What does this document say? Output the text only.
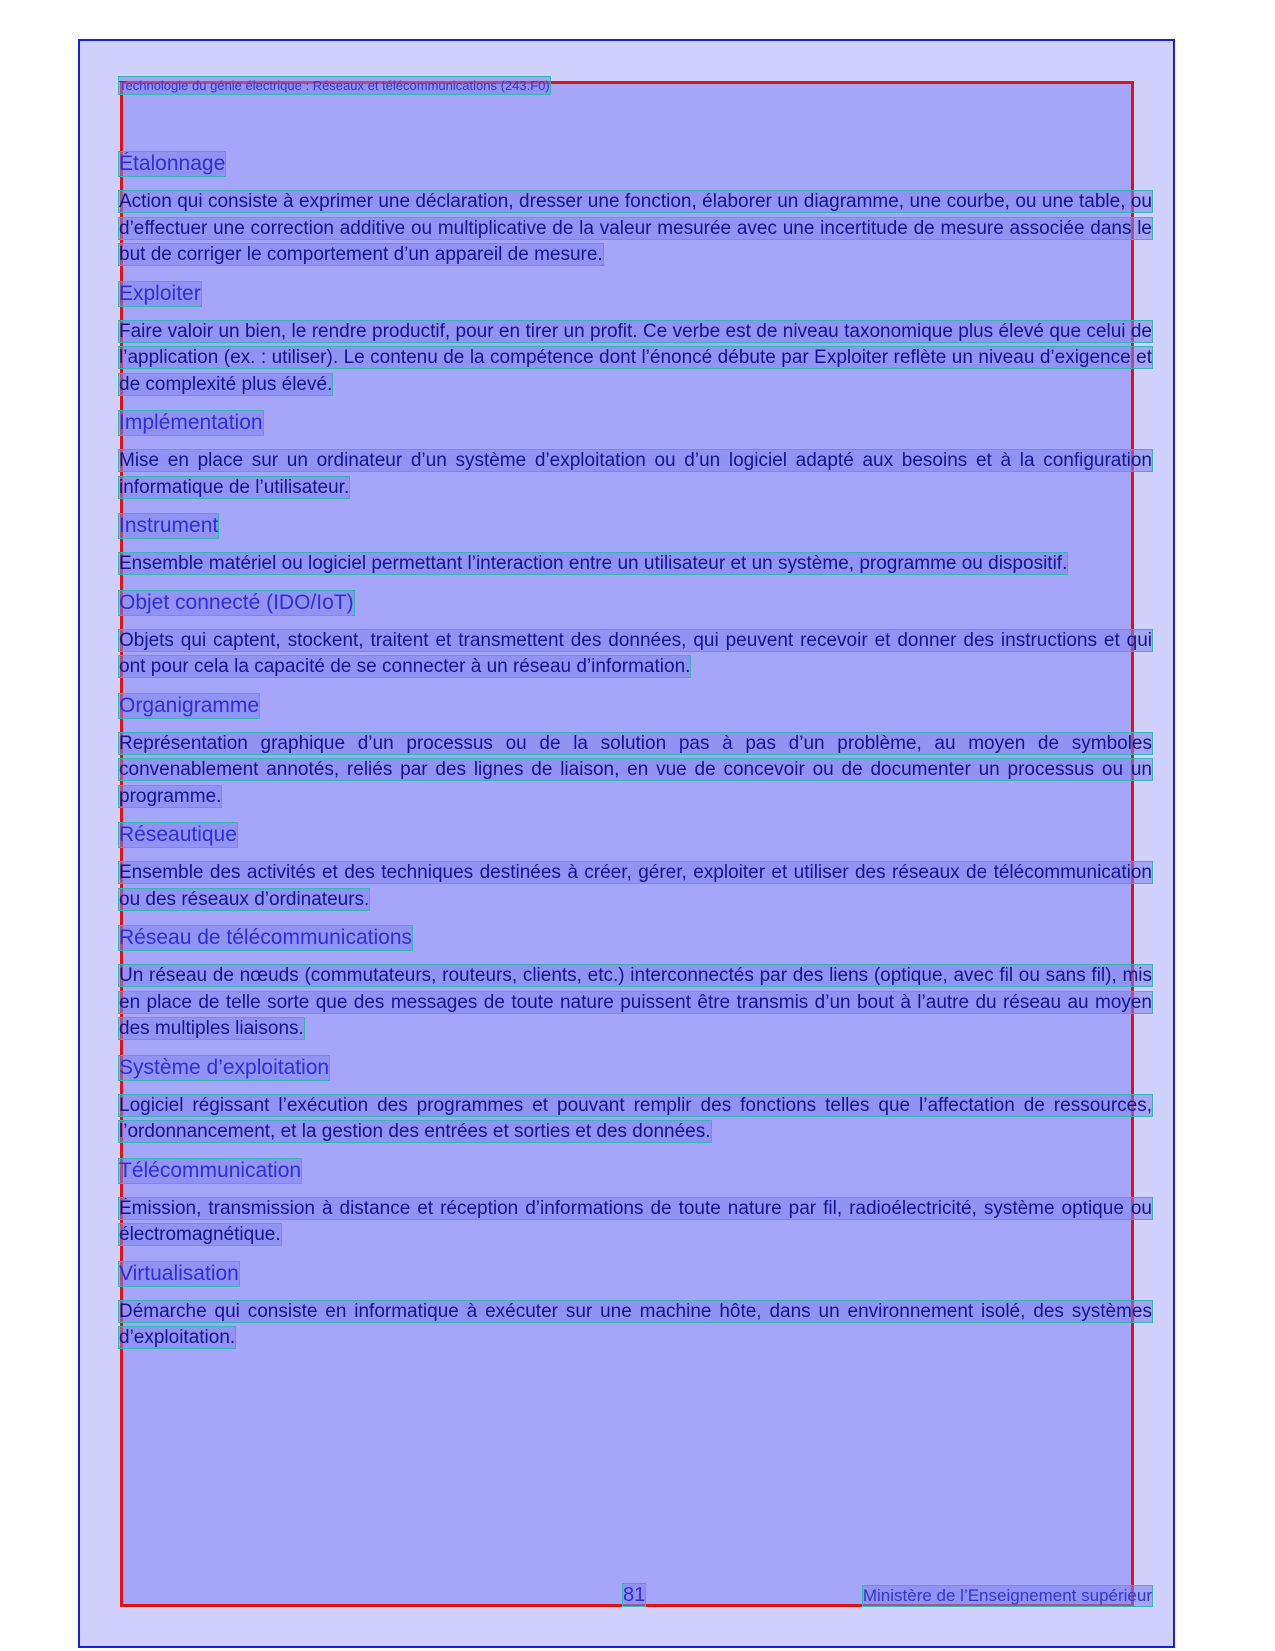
Technologie du génie électrique : Réseaux et télécommunications (243.F0)
Étalonnage
Action qui consiste à exprimer une déclaration, dresser une fonction, élaborer un diagramme, une courbe, ou une table, ou d’effectuer une correction additive ou multiplicative de la valeur mesurée avec une incertitude de mesure associée dans le but de corriger le comportement d’un appareil de mesure.
Exploiter
Faire valoir un bien, le rendre productif, pour en tirer un profit. Ce verbe est de niveau taxonomique plus élevé que celui de l’application (ex. : utiliser). Le contenu de la compétence dont l’énoncé débute par Exploiter reflète un niveau d’exigence et de complexité plus élevé.
Implémentation
Mise en place sur un ordinateur d’un système d’exploitation ou d’un logiciel adapté aux besoins et à la configuration informatique de l’utilisateur.
Instrument
Ensemble matériel ou logiciel permettant l’interaction entre un utilisateur et un système, programme ou dispositif.
Objet connecté (IDO/IoT)
Objets qui captent, stockent, traitent et transmettent des données, qui peuvent recevoir et donner des instructions et qui ont pour cela la capacité de se connecter à un réseau d’information.
Organigramme
Représentation graphique d’un processus ou de la solution pas à pas d’un problème, au moyen de symboles convenablement annotés, reliés par des lignes de liaison, en vue de concevoir ou de documenter un processus ou un programme.
Réseautique
Ensemble des activités et des techniques destinées à créer, gérer, exploiter et utiliser des réseaux de télécommunication ou des réseaux d’ordinateurs.
Réseau de télécommunications
Un réseau de nœuds (commutateurs, routeurs, clients, etc.) interconnectés par des liens (optique, avec fil ou sans fil), mis en place de telle sorte que des messages de toute nature puissent être transmis d’un bout à l’autre du réseau au moyen des multiples liaisons.
Système d’exploitation
Logiciel régissant l’exécution des programmes et pouvant remplir des fonctions telles que l’affectation de ressources, l’ordonnancement, et la gestion des entrées et sorties et des données.
Télécommunication
Émission, transmission à distance et réception d’informations de toute nature par fil, radioélectricité, système optique ou électromagnétique.
Virtualisation
Démarche qui consiste en informatique à exécuter sur une machine hôte, dans un environnement isolé, des systèmes d’exploitation.
81	Ministère de l’Enseignement supérieur
